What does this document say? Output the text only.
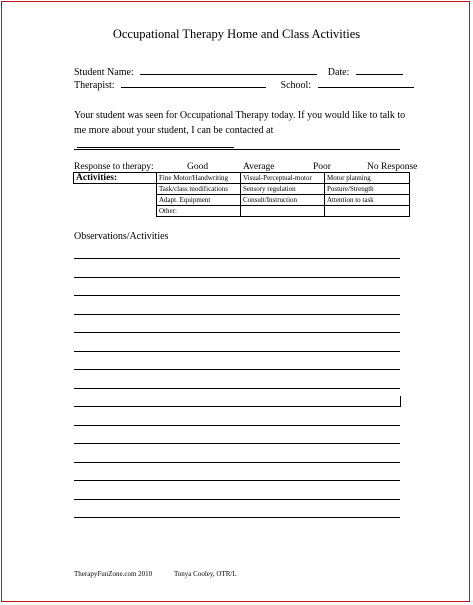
Occupational Therapy Home and Class Activities
Student Name:	Date:
Therapist:	School:
Your student was seen for Occupational Therapy today. If you would like to talk to me more about your student, I can be contacted at
Response to therapy:	Good	Average	Poor	No Response
Activities:	Fine Motor/Handwriting	Visual-Perceptual-motor	Motor planning
	Task/class modifications	Sensory regulation	Posture/Strength
	Adapt. Equipment	Consult/Instruction	Attention to task
	Other:		
Observations/Activities
TherapyFunZone.com 2010	Tonya Cooley, OTR/L
